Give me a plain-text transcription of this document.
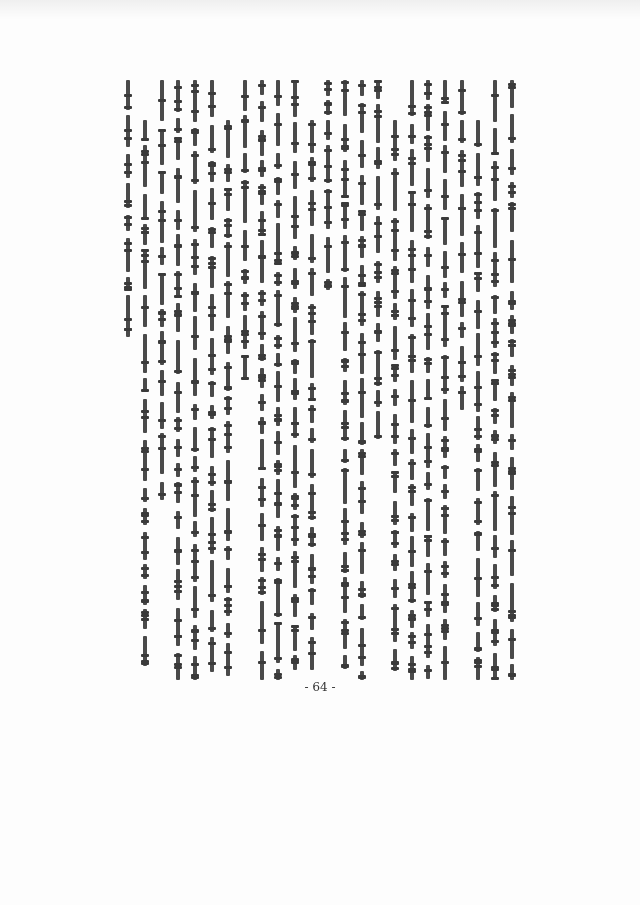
- 64 -
